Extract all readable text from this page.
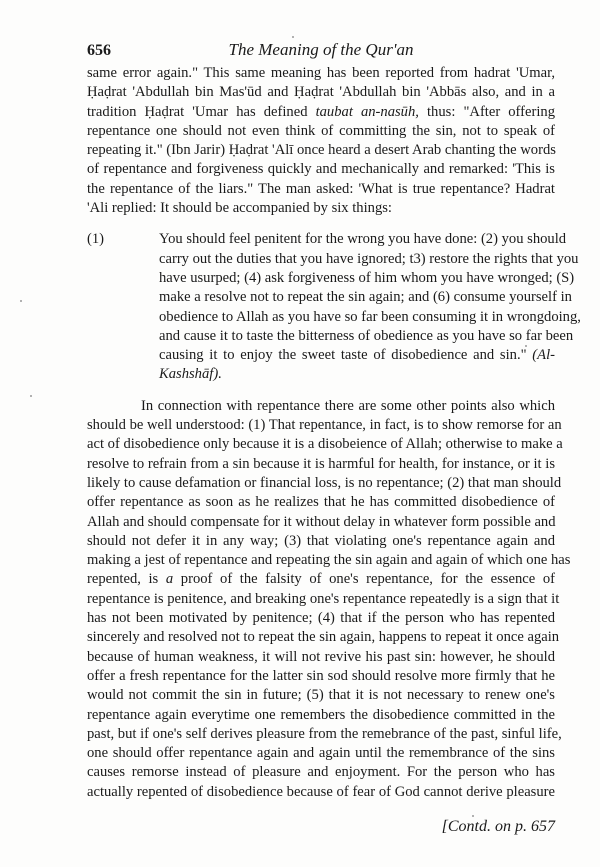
656	The Meaning of the Qur'an
same error again." This same meaning has been reported from hadrat 'Umar,
Ḥaḍrat 'Abdullah bin Mas'ūd and Ḥaḍrat 'Abdullah bin 'Abbās also, and in a
tradition Ḥaḍrat 'Umar has defined taubat an-nasūh, thus: "After offering
repentance one should not even think of committing the sin, not to speak of
repeating it." (Ibn Jarir) Ḥaḍrat 'Alī once heard a desert Arab chanting the words
of repentance and forgiveness quickly and mechanically and remarked: 'This is
the repentance of the liars." The man asked: 'What is true repentance? Hadrat
'Ali replied: It should be accompanied by six things:
(1)	You should feel penitent for the wrong you have done: (2) you should
carry out the duties that you have ignored; t3) restore the rights that you
have usurped; (4) ask forgiveness of him whom you have wronged; (S)
make a resolve not to repeat the sin again; and (6) consume yourself in
obedience to Allah as you have so far been consuming it in wrongdoing,
and cause it to taste the bitterness of obedience as you have so far been
causing it to enjoy the sweet taste of disobedience and sin." (Al-
Kashshāf).
In connection with repentance there are some other points also which
should be well understood: (1) That repentance, in fact, is to show remorse for an
act of disobedience only because it is a disobeience of Allah; otherwise to make a
resolve to refrain from a sin because it is harmful for health, for instance, or it is
likely to cause defamation or financial loss, is no repentance; (2) that man should
offer repentance as soon as he realizes that he has committed disobedience of
Allah and should compensate for it without delay in whatever form possible and
should not defer it in any way; (3) that violating one's repentance again and
making a jest of repentance and repeating the sin again and again of which one has
repented, is a proof of the falsity of one's repentance, for the essence of
repentance is penitence, and breaking one's repentance repeatedly is a sign that it
has not been motivated by penitence; (4) that if the person who has repented
sincerely and resolved not to repeat the sin again, happens to repeat it once again
because of human weakness, it will not revive his past sin: however, he should
offer a fresh repentance for the latter sin sod should resolve more firmly that he
would not commit the sin in future; (5) that it is not necessary to renew one's
repentance again everytime one remembers the disobedience committed in the
past, but if one's self derives pleasure from the remebrance of the past, sinful life,
one should offer repentance again and again until the remembrance of the sins
causes remorse instead of pleasure and enjoyment. For the person who has
actually repented of disobedience because of fear of God cannot derive pleasure
[Contd. on p. 657
